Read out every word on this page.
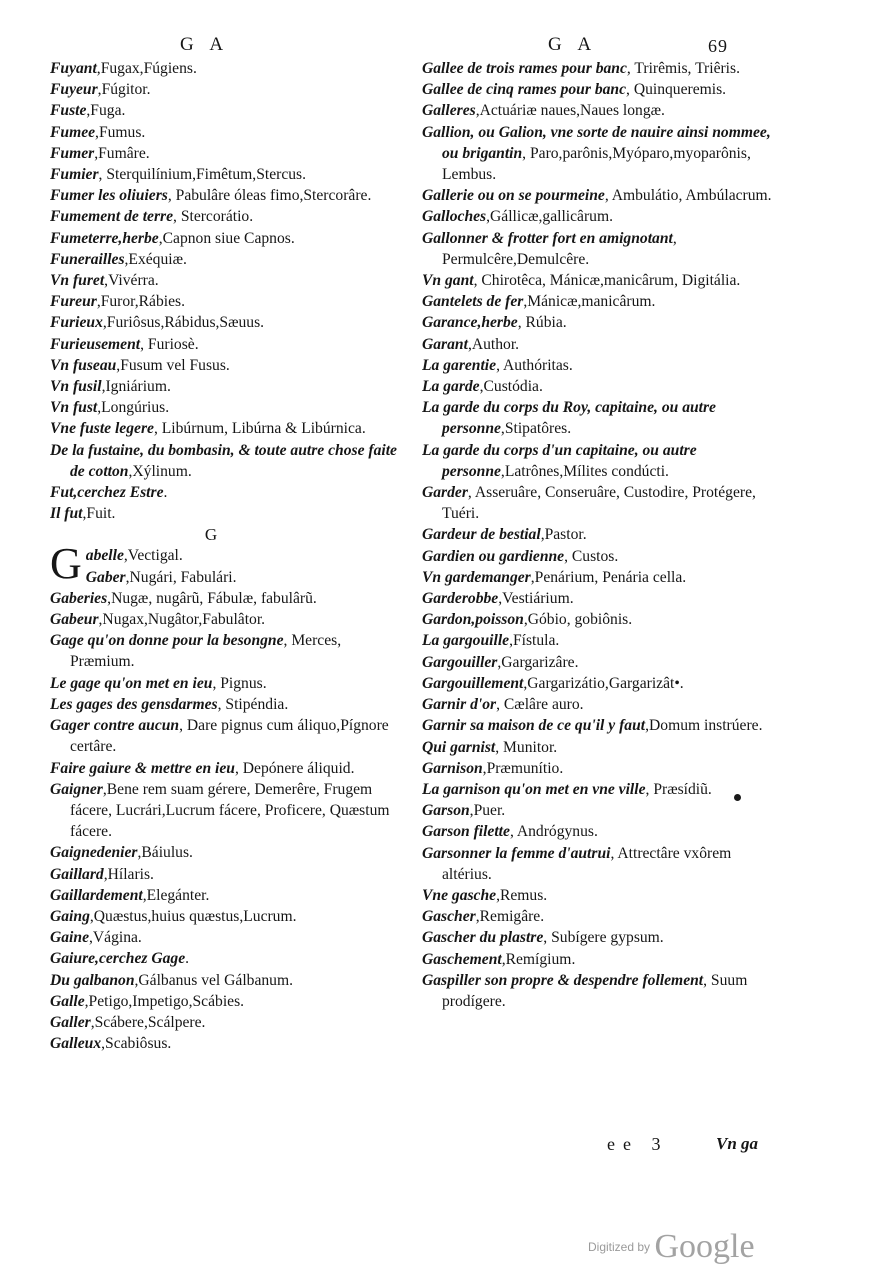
G A	G A	69
Fuyant,Fugax,Fúgiens.
Fuyeur,Fúgitor.
Fuste,Fuga.
Fumee,Fumus.
Fumer,Fumâre.
Fumier, Sterquilínium,Fimêtum,Stercus.
Fumer les oliuiers, Pabulâre óleas fimo,Stercorâre.
Fumement de terre, Stercorátio.
Fumeterre,herbe,Capnon siue Capnos.
Funerailles,Exéquiæ.
Vn furet,Vivérra.
Fureur,Furor,Rábies.
Furieux,Furiôsus,Rábidus,Sæuus.
Furieusement, Furiosè.
Vn fuseau,Fusum vel Fusus.
Vn fusil,Igniárium.
Vn fust,Longúrius.
Vne fuste legere, Libúrnum, Libúrna & Libúrnica.
De la fustaine, du bombasin, & toute autre chose faite de cotton,Xýlinum.
Fut,cerchez Estre.
Il fut,Fuit.
G
G abelle,Vectigal.
Gaber,Nugári, Fabulári.
Gaberies,Nugæ, nugârũ, Fábulæ, fabulârũ.
Gabeur,Nugax,Nugâtor,Fabulâtor.
Gage qu'on donne pour la besongne, Merces, Præmium.
Le gage qu'on met en ieu, Pignus.
Les gages des gensdarmes, Stipéndia.
Gager contre aucun, Dare pignus cum áliquo,Pígnore certâre.
Faire gaiure & mettre en ieu, Depónere áliquid.
Gaigner,Bene rem suam gérere, Demerêre, Frugem fácere, Lucrári,Lucrum fácere, Proficere, Quæstum fácere.
Gaignedenier,Báiulus.
Gaillard,Hílaris.
Gaillardement,Elegánter.
Gaing,Quæstus,huius quæstus,Lucrum.
Gaine,Vágina.
Gaiure,cerchez Gage.
Du galbanon,Gálbanus vel Gálbanum.
Galle,Petigo,Impetigo,Scábies.
Galler,Scábere,Scálpere.
Galleux,Scabiôsus.
Gallee de trois rames pour banc, Trirêmis, Triêris.
Gallee de cinq rames pour banc, Quinqueremis.
Galleres,Actuáriæ naues,Naues longæ.
Gallion, ou Galion, vne sorte de nauire ainsi nommee, ou brigantin, Paro,parônis,Myóparo,myoparônis, Lembus.
Gallerie ou on se pourmeine, Ambulátio, Ambúlacrum.
Galloches,Gállicæ,gallicârum.
Gallonner & frotter fort en amignotant, Permulcêre,Demulcêre.
Vn gant, Chirotêca, Mánicæ,manicârum, Digitália.
Gantelets de fer,Mánicæ,manicârum.
Garance,herbe, Rúbia.
Garant,Author.
La garentie, Authóritas.
La garde,Custódia.
La garde du corps du Roy, capitaine, ou autre personne,Stipatôres.
La garde du corps d'un capitaine, ou autre personne,Latrônes,Mílites condúcti.
Garder, Asseruâre, Conseruâre, Custodire, Protégere, Tuéri.
Gardeur de bestial,Pastor.
Gardien ou gardienne, Custos.
Vn gardemanger,Penárium, Penária cella.
Garderobbe,Vestiárium.
Gardon,poisson,Góbio, gobiônis.
La gargouille,Fístula.
Gargouiller,Gargarizâre.
Gargouillement,Gargarizátio,Gargarizât•.
Garnir d'or, Cælâre auro.
Garnir sa maison de ce qu'il y faut,Domum instrúere.
Qui garnist, Munitor.
Garnison,Præmunítio.
La garnison qu'on met en vne ville, Præsídiũ.
Garson,Puer.
Garson filette, Andrógynus.
Garsonner la femme d'autrui, Attrectâre vxôrem altérius.
Vne gasche,Remus.
Gascher,Remigâre.
Gascher du plastre, Subígere gypsum.
Gaschement,Remígium.
Gaspiller son propre & despendre follement, Suum prodígere.
ee 3	Vn ga
Digitized by Google
